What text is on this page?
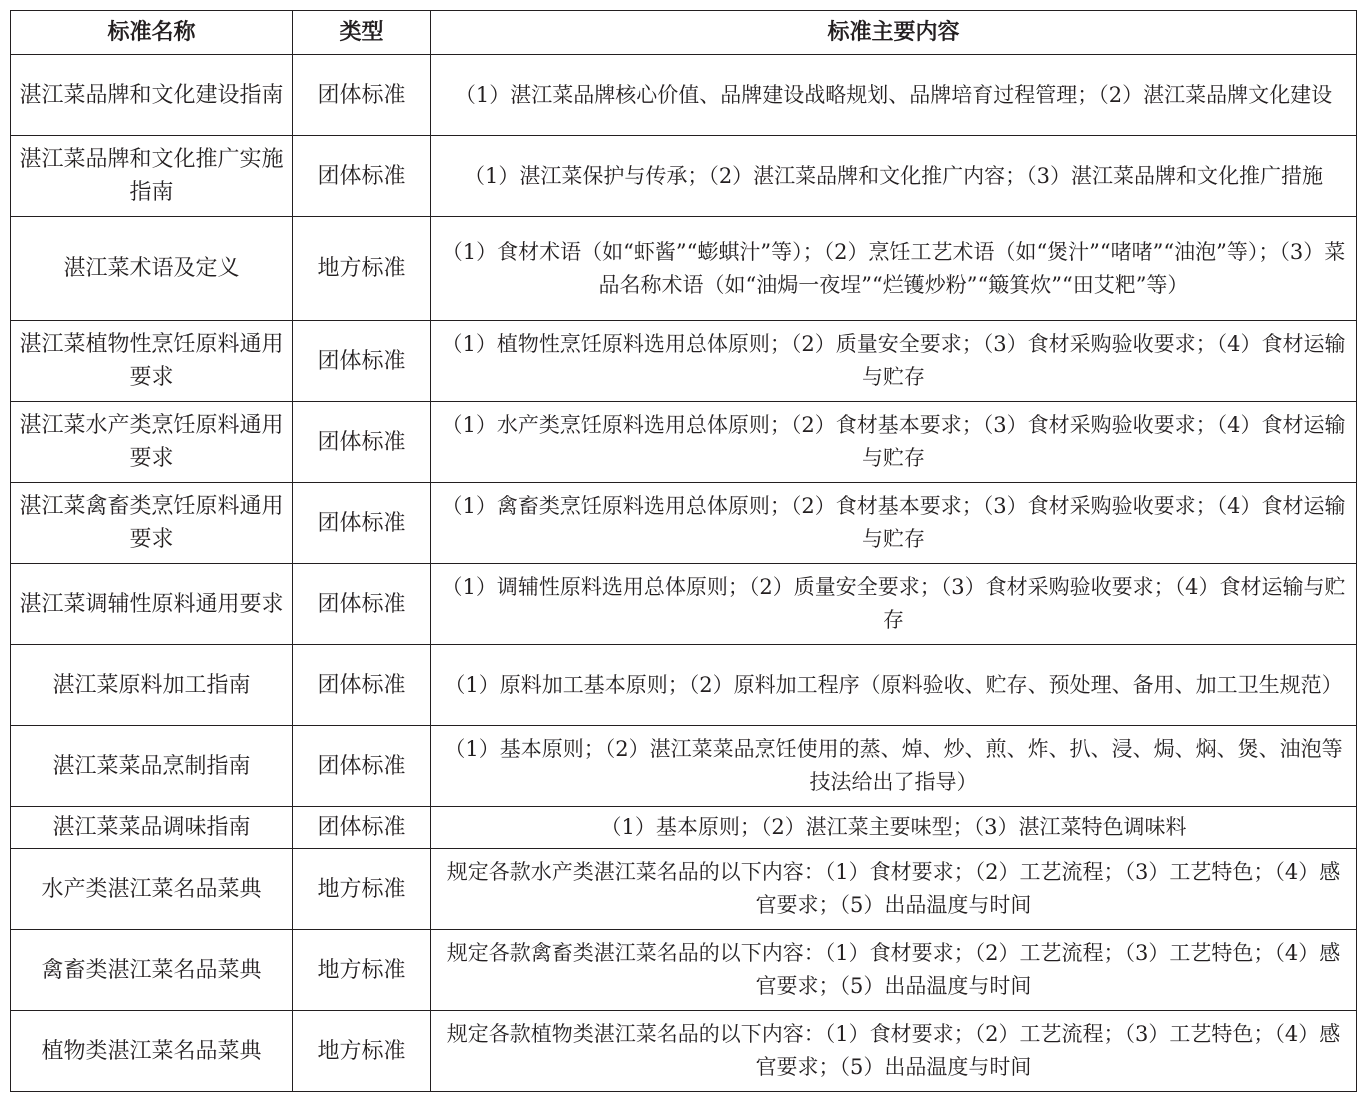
标准名称	类型	标准主要内容
湛江菜品牌和文化建设指南	团体标准	（1）湛江菜品牌核心价值、品牌建设战略规划、品牌培育过程管理；（2）湛江菜品牌文化建设
湛江菜品牌和文化推广实施指南	团体标准	（1）湛江菜保护与传承；（2）湛江菜品牌和文化推广内容；（3）湛江菜品牌和文化推广措施
湛江菜术语及定义	地方标准	（1）食材术语（如“虾酱”“蟛蜞汁”等）；（2）烹饪工艺术语（如“煲汁”“啫啫”“油泡”等）；（3）菜品名称术语（如“油焗一夜埕”“烂镬炒粉”“簸箕炊”“田艾粑”等）
湛江菜植物性烹饪原料通用要求	团体标准	（1）植物性烹饪原料选用总体原则；（2）质量安全要求；（3）食材采购验收要求；（4）食材运输与贮存
湛江菜水产类烹饪原料通用要求	团体标准	（1）水产类烹饪原料选用总体原则；（2）食材基本要求；（3）食材采购验收要求；（4）食材运输与贮存
湛江菜禽畜类烹饪原料通用要求	团体标准	（1）禽畜类烹饪原料选用总体原则；（2）食材基本要求；（3）食材采购验收要求；（4）食材运输与贮存
湛江菜调辅性原料通用要求	团体标准	（1）调辅性原料选用总体原则；（2）质量安全要求；（3）食材采购验收要求；（4）食材运输与贮存
湛江菜原料加工指南	团体标准	（1）原料加工基本原则；（2）原料加工程序（原料验收、贮存、预处理、备用、加工卫生规范）
湛江菜菜品烹制指南	团体标准	（1）基本原则；（2）湛江菜菜品烹饪使用的蒸、焯、炒、煎、炸、扒、浸、焗、焖、煲、油泡等技法给出了指导）
湛江菜菜品调味指南	团体标准	（1）基本原则；（2）湛江菜主要味型；（3）湛江菜特色调味料
水产类湛江菜名品菜典	地方标准	规定各款水产类湛江菜名品的以下内容：（1）食材要求；（2）工艺流程；（3）工艺特色；（4）感官要求；（5）出品温度与时间
禽畜类湛江菜名品菜典	地方标准	规定各款禽畜类湛江菜名品的以下内容：（1）食材要求；（2）工艺流程；（3）工艺特色；（4）感官要求；（5）出品温度与时间
植物类湛江菜名品菜典	地方标准	规定各款植物类湛江菜名品的以下内容：（1）食材要求；（2）工艺流程；（3）工艺特色；（4）感官要求；（5）出品温度与时间
